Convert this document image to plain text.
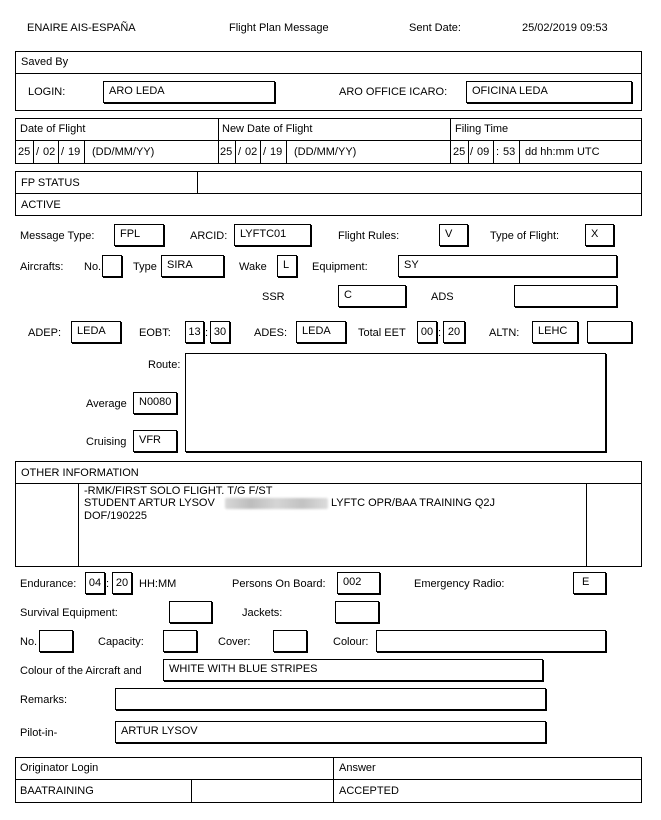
ENAIRE AIS-ESPAÑA	Flight Plan Message	Sent Date:	25/02/2019 09:53
Saved By
LOGIN:	ARO OFFICE ICARO:
ARO LEDA	OFICINA LEDA
Date of Flight	New Date of Flight	Filing Time
25 / 02 / 19 (DD/MM/YY)	25 / 02 / 19 (DD/MM/YY)	25 / 09 : 53 dd hh:mm UTC
FP STATUS
ACTIVE
Message Type:	FPL	ARCID:	LYFTC01	Flight Rules:	V	Type of Flight:	X
Aircrafts: No.	Type SIRA	Wake	L	Equipment:	SY
SSR	C	ADS
ADEP:	LEDA	EOBT:	13 : 30	ADES:	LEDA	Total EET	00 : 20	ALTN:	LEHC
Route:
Average	N0080
Cruising	VFR
OTHER INFORMATION
-RMK/FIRST SOLO FLIGHT. T/G F/ST
STUDENT ARTUR LYSOV	LYFTC OPR/BAA TRAINING Q2J
DOF/190225
Endurance:	04 : 20 HH:MM	Persons On Board:	002	Emergency Radio:	E
Survival Equipment:	Jackets:
No.	Capacity:	Cover:	Colour:
Colour of the Aircraft and	WHITE WITH BLUE STRIPES
Remarks:
Pilot-in-	ARTUR LYSOV
Originator Login	Answer
BAATRAINING	ACCEPTED
